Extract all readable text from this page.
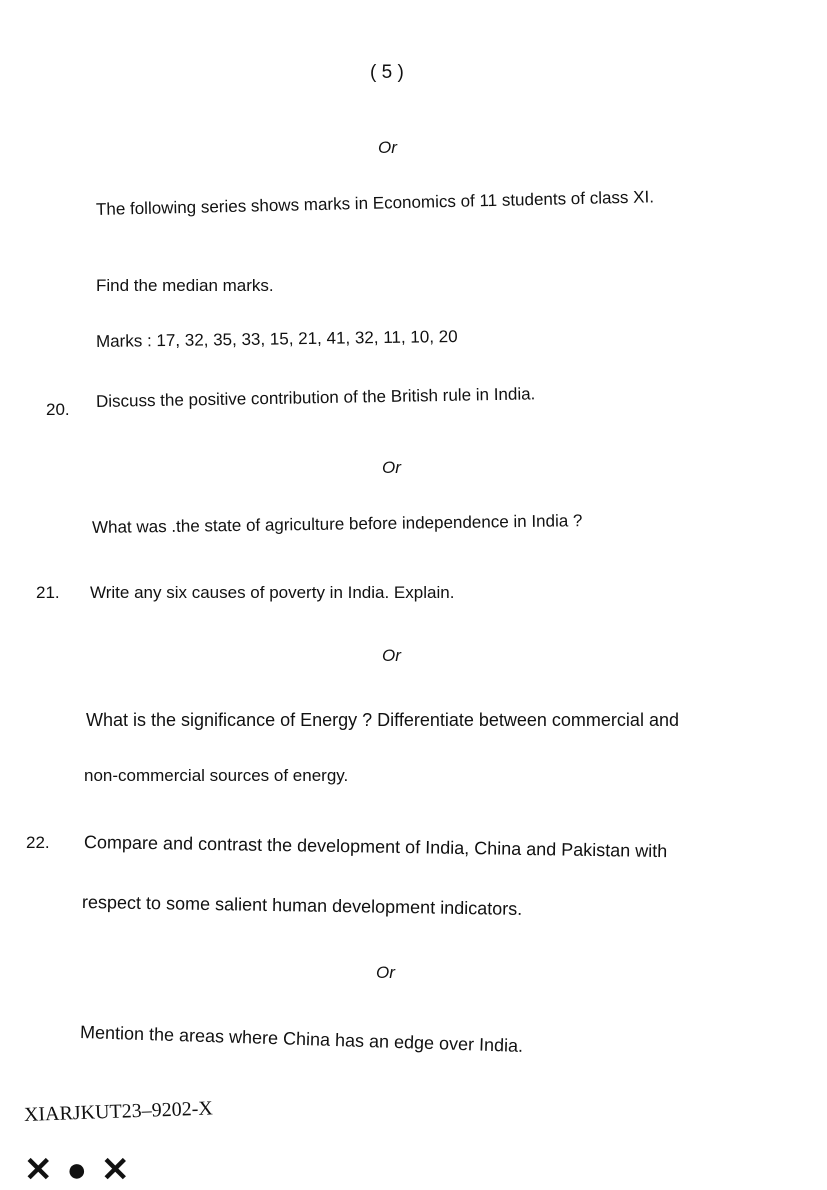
( 5 )
Or
The following series shows marks in Economics of 11 students of class XI.
Find the median marks.
Marks : 17, 32, 35, 33, 15, 21, 41, 32, 11, 10, 20
20. Discuss the positive contribution of the British rule in India.
Or
What was .the state of agriculture before independence in India ?
21. Write any six causes of poverty in India. Explain.
Or
What is the significance of Energy ? Differentiate between commercial and
non-commercial sources of energy.
22. Compare and contrast the development of India, China and Pakistan with
respect to some salient human development indicators.
Or
Mention the areas where China has an edge over India.
XIARJKUT23–9202-X
✕●✕
